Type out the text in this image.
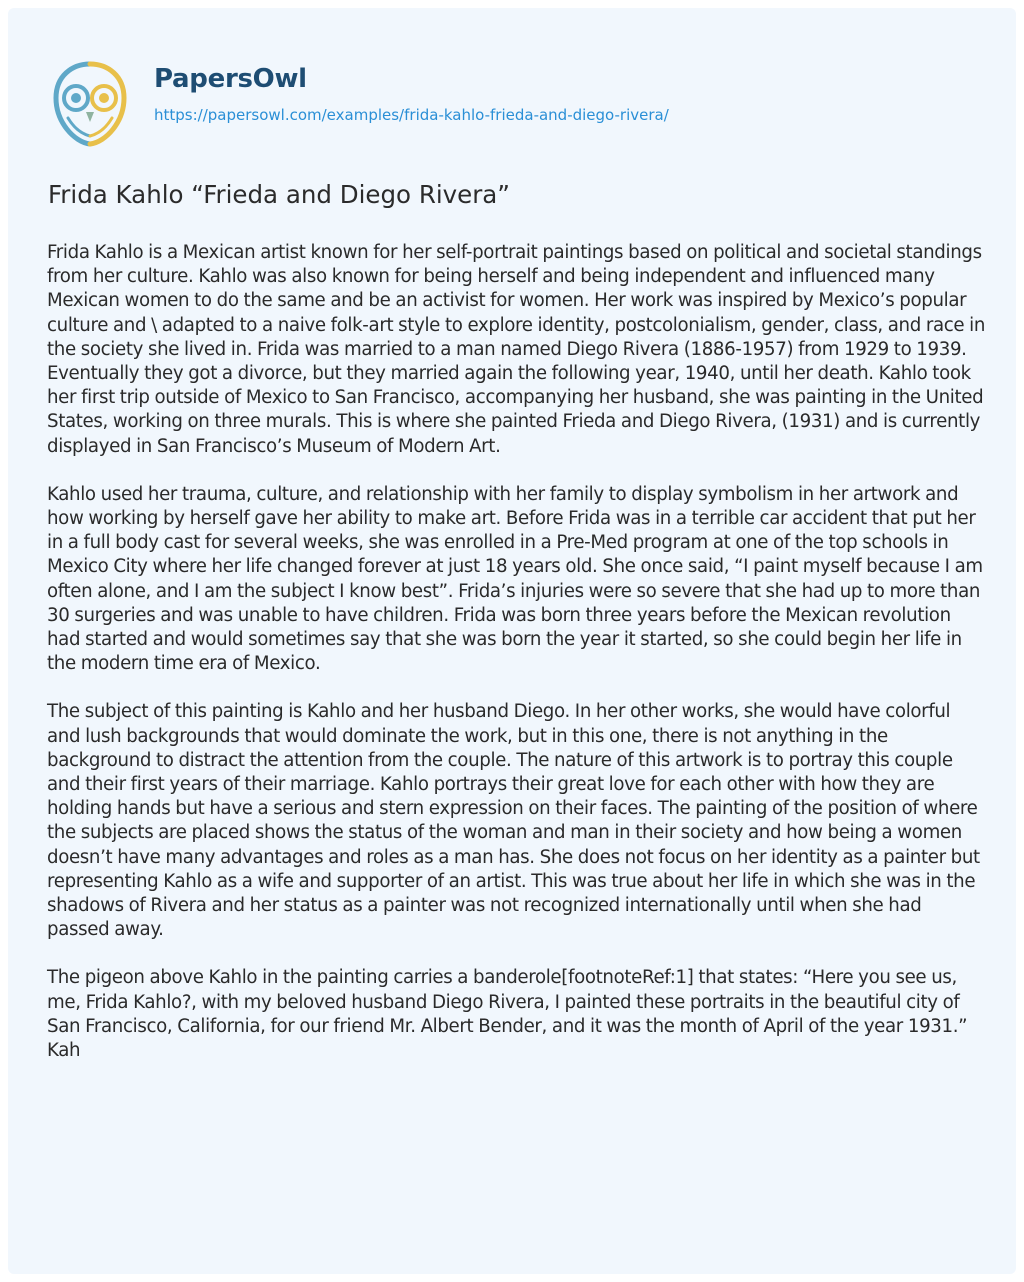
PapersOwl
https://papersowl.com/examples/frida-kahlo-frieda-and-diego-rivera/
Frida Kahlo “Frieda and Diego Rivera”

Frida Kahlo is a Mexican artist known for her self-portrait paintings based on political and societal standings from her culture. Kahlo was also known for being herself and being independent and influenced many Mexican women to do the same and be an activist for women. Her work was inspired by Mexico’s popular culture and \ adapted to a naive folk-art style to explore identity, postcolonialism, gender, class, and race in the society she lived in. Frida was married to a man named Diego Rivera (1886-1957) from 1929 to 1939. Eventually they got a divorce, but they married again the following year, 1940, until her death. Kahlo took her first trip outside of Mexico to San Francisco, accompanying her husband, she was painting in the United States, working on three murals. This is where she painted Frieda and Diego Rivera, (1931) and is currently displayed in San Francisco’s Museum of Modern Art.

Kahlo used her trauma, culture, and relationship with her family to display symbolism in her artwork and how working by herself gave her ability to make art. Before Frida was in a terrible car accident that put her in a full body cast for several weeks, she was enrolled in a Pre-Med program at one of the top schools in Mexico City where her life changed forever at just 18 years old. She once said, “I paint myself because I am often alone, and I am the subject I know best”. Frida’s injuries were so severe that she had up to more than 30 surgeries and was unable to have children. Frida was born three years before the Mexican revolution had started and would sometimes say that she was born the year it started, so she could begin her life in the modern time era of Mexico.

The subject of this painting is Kahlo and her husband Diego. In her other works, she would have colorful and lush backgrounds that would dominate the work, but in this one, there is not anything in the background to distract the attention from the couple. The nature of this artwork is to portray this couple and their first years of their marriage. Kahlo portrays their great love for each other with how they are holding hands but have a serious and stern expression on their faces. The painting of the position of where the subjects are placed shows the status of the woman and man in their society and how being a women doesn’t have many advantages and roles as a man has. She does not focus on her identity as a painter but representing Kahlo as a wife and supporter of an artist. This was true about her life in which she was in the shadows of Rivera and her status as a painter was not recognized internationally until when she had passed away.

The pigeon above Kahlo in the painting carries a banderole[footnoteRef:1] that states: “Here you see us, me, Frida Kahlo?, with my beloved husband Diego Rivera, I painted these portraits in the beautiful city of San Francisco, California, for our friend Mr. Albert Bender, and it was the month of April of the year 1931.” Kah
